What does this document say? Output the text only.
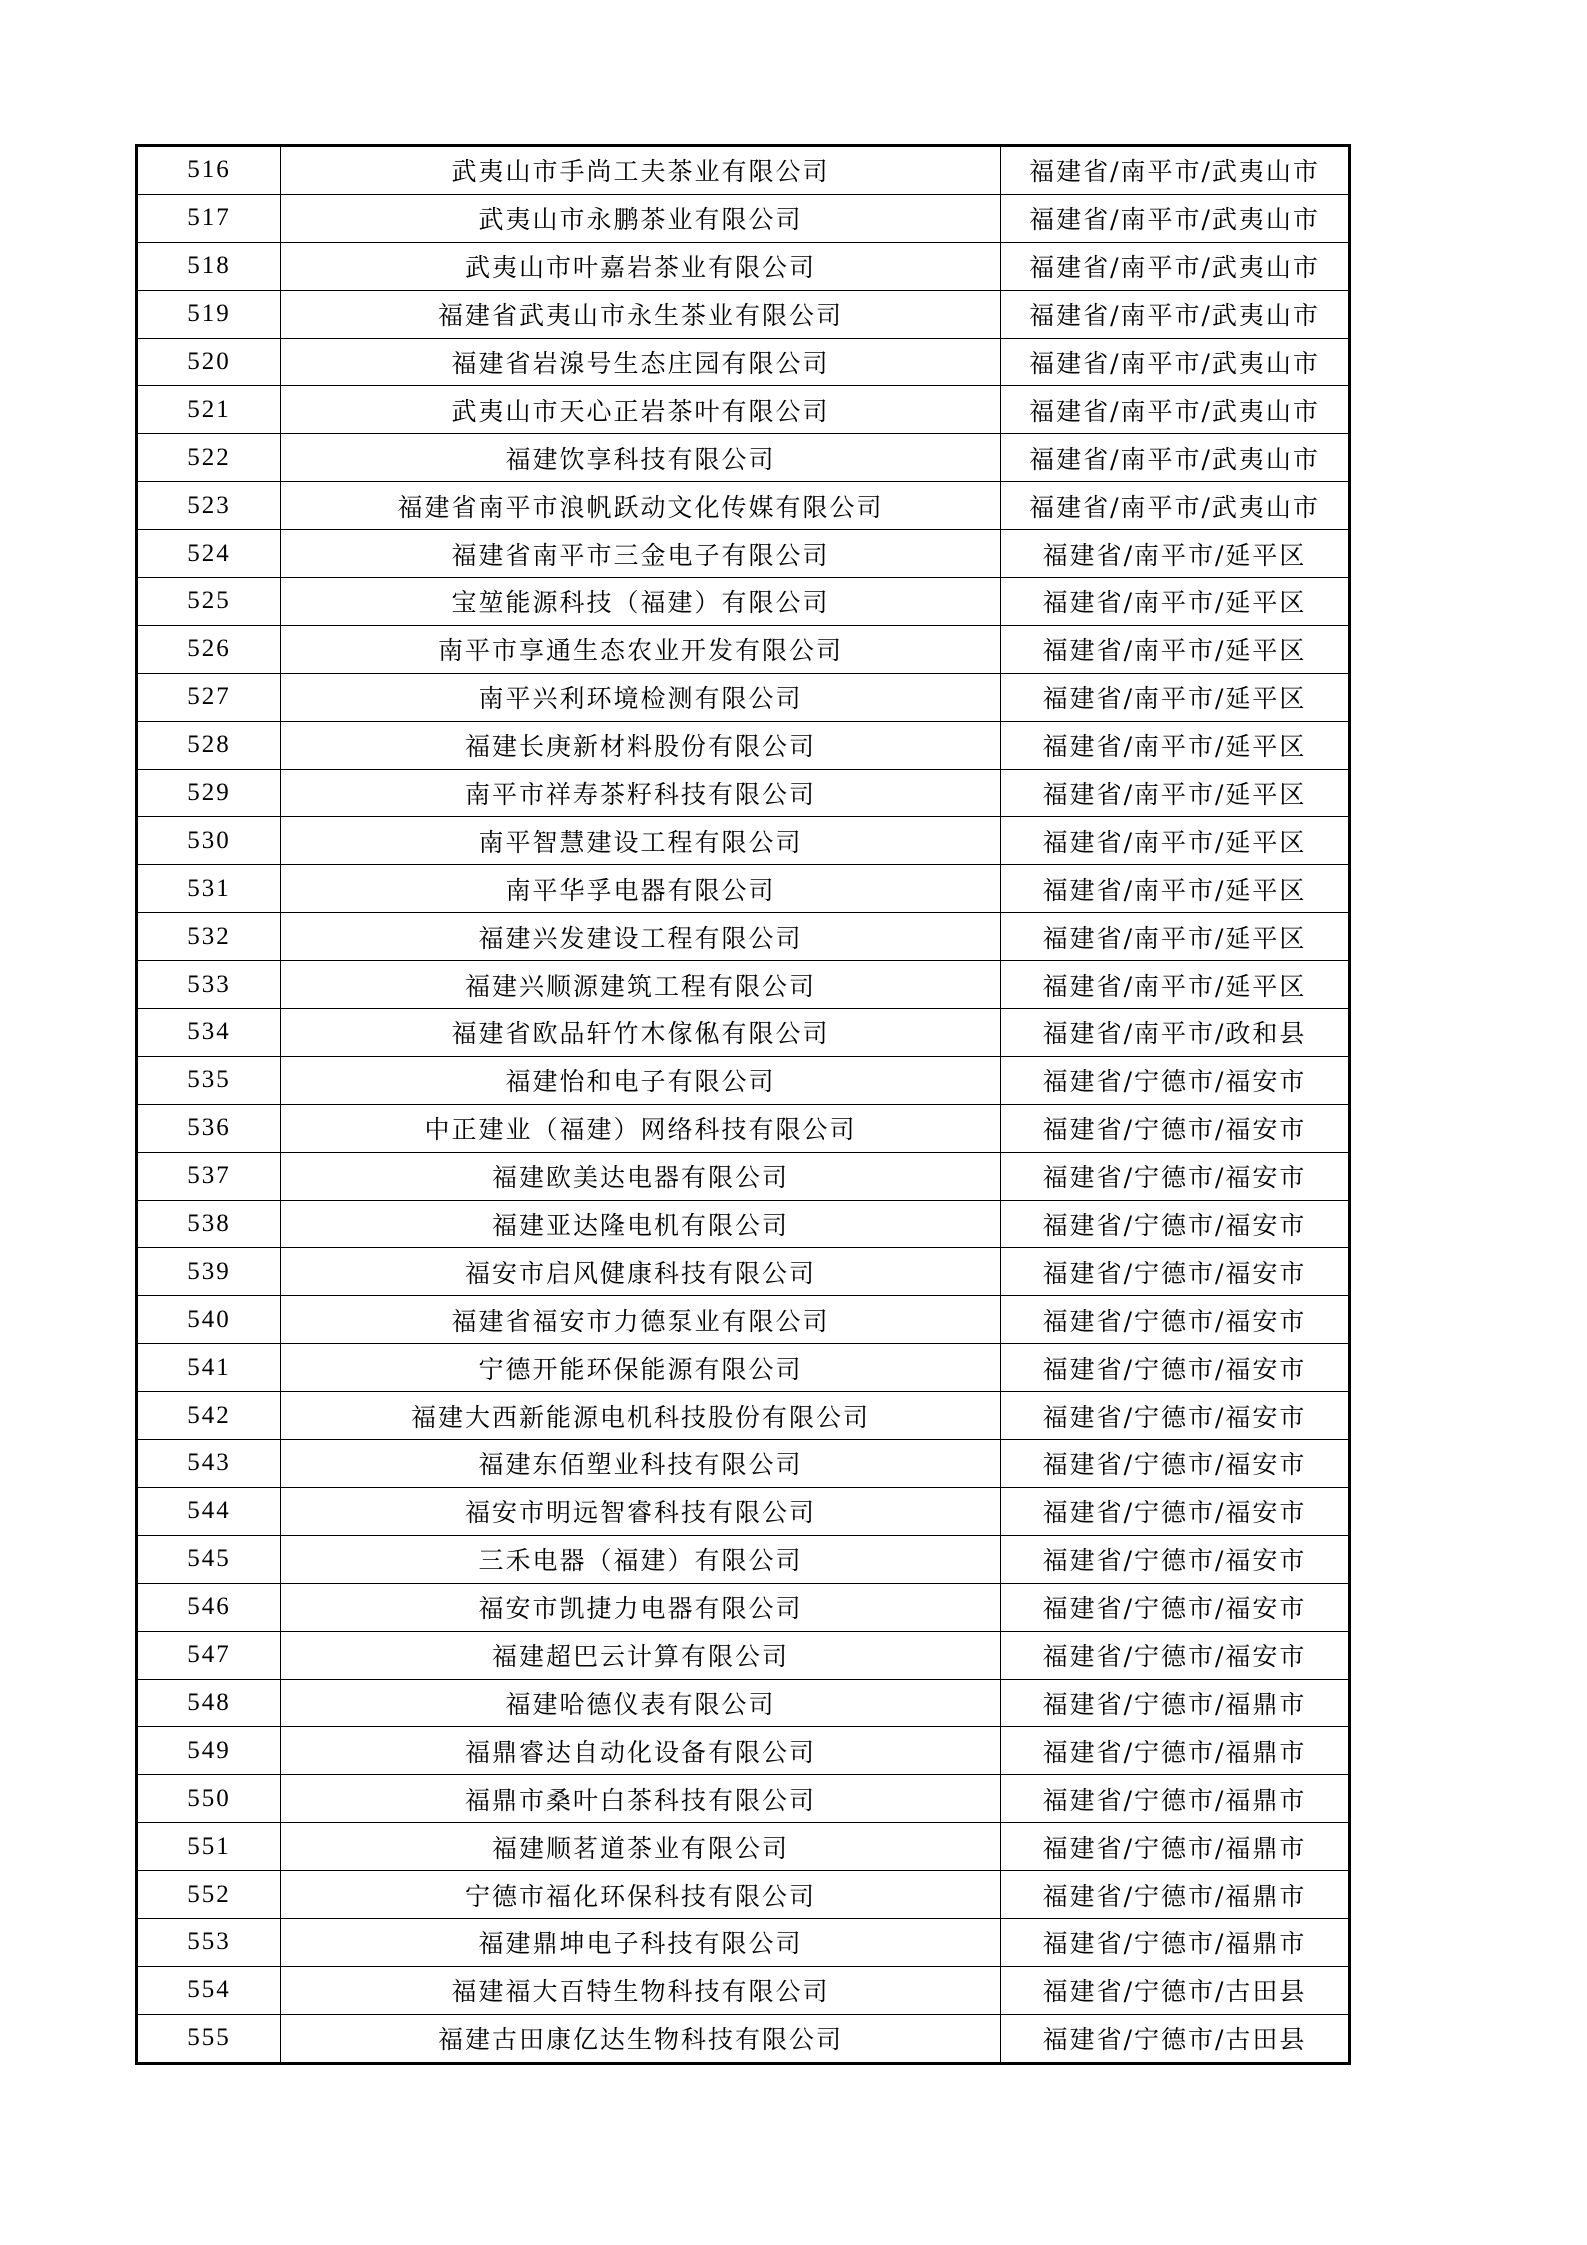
516	武夷山市手尚工夫茶业有限公司	福建省/南平市/武夷山市
517	武夷山市永鹏茶业有限公司	福建省/南平市/武夷山市
518	武夷山市叶嘉岩茶业有限公司	福建省/南平市/武夷山市
519	福建省武夷山市永生茶业有限公司	福建省/南平市/武夷山市
520	福建省岩湶号生态庄园有限公司	福建省/南平市/武夷山市
521	武夷山市天心正岩茶叶有限公司	福建省/南平市/武夷山市
522	福建饮享科技有限公司	福建省/南平市/武夷山市
523	福建省南平市浪帆跃动文化传媒有限公司	福建省/南平市/武夷山市
524	福建省南平市三金电子有限公司	福建省/南平市/延平区
525	宝堃能源科技（福建）有限公司	福建省/南平市/延平区
526	南平市享通生态农业开发有限公司	福建省/南平市/延平区
527	南平兴利环境检测有限公司	福建省/南平市/延平区
528	福建长庚新材料股份有限公司	福建省/南平市/延平区
529	南平市祥寿茶籽科技有限公司	福建省/南平市/延平区
530	南平智慧建设工程有限公司	福建省/南平市/延平区
531	南平华孚电器有限公司	福建省/南平市/延平区
532	福建兴发建设工程有限公司	福建省/南平市/延平区
533	福建兴顺源建筑工程有限公司	福建省/南平市/延平区
534	福建省欧品轩竹木傢俬有限公司	福建省/南平市/政和县
535	福建怡和电子有限公司	福建省/宁德市/福安市
536	中正建业（福建）网络科技有限公司	福建省/宁德市/福安市
537	福建欧美达电器有限公司	福建省/宁德市/福安市
538	福建亚达隆电机有限公司	福建省/宁德市/福安市
539	福安市启风健康科技有限公司	福建省/宁德市/福安市
540	福建省福安市力德泵业有限公司	福建省/宁德市/福安市
541	宁德开能环保能源有限公司	福建省/宁德市/福安市
542	福建大西新能源电机科技股份有限公司	福建省/宁德市/福安市
543	福建东佰塑业科技有限公司	福建省/宁德市/福安市
544	福安市明远智睿科技有限公司	福建省/宁德市/福安市
545	三禾电器（福建）有限公司	福建省/宁德市/福安市
546	福安市凯捷力电器有限公司	福建省/宁德市/福安市
547	福建超巴云计算有限公司	福建省/宁德市/福安市
548	福建哈德仪表有限公司	福建省/宁德市/福鼎市
549	福鼎睿达自动化设备有限公司	福建省/宁德市/福鼎市
550	福鼎市桑叶白茶科技有限公司	福建省/宁德市/福鼎市
551	福建顺茗道茶业有限公司	福建省/宁德市/福鼎市
552	宁德市福化环保科技有限公司	福建省/宁德市/福鼎市
553	福建鼎坤电子科技有限公司	福建省/宁德市/福鼎市
554	福建福大百特生物科技有限公司	福建省/宁德市/古田县
555	福建古田康亿达生物科技有限公司	福建省/宁德市/古田县
